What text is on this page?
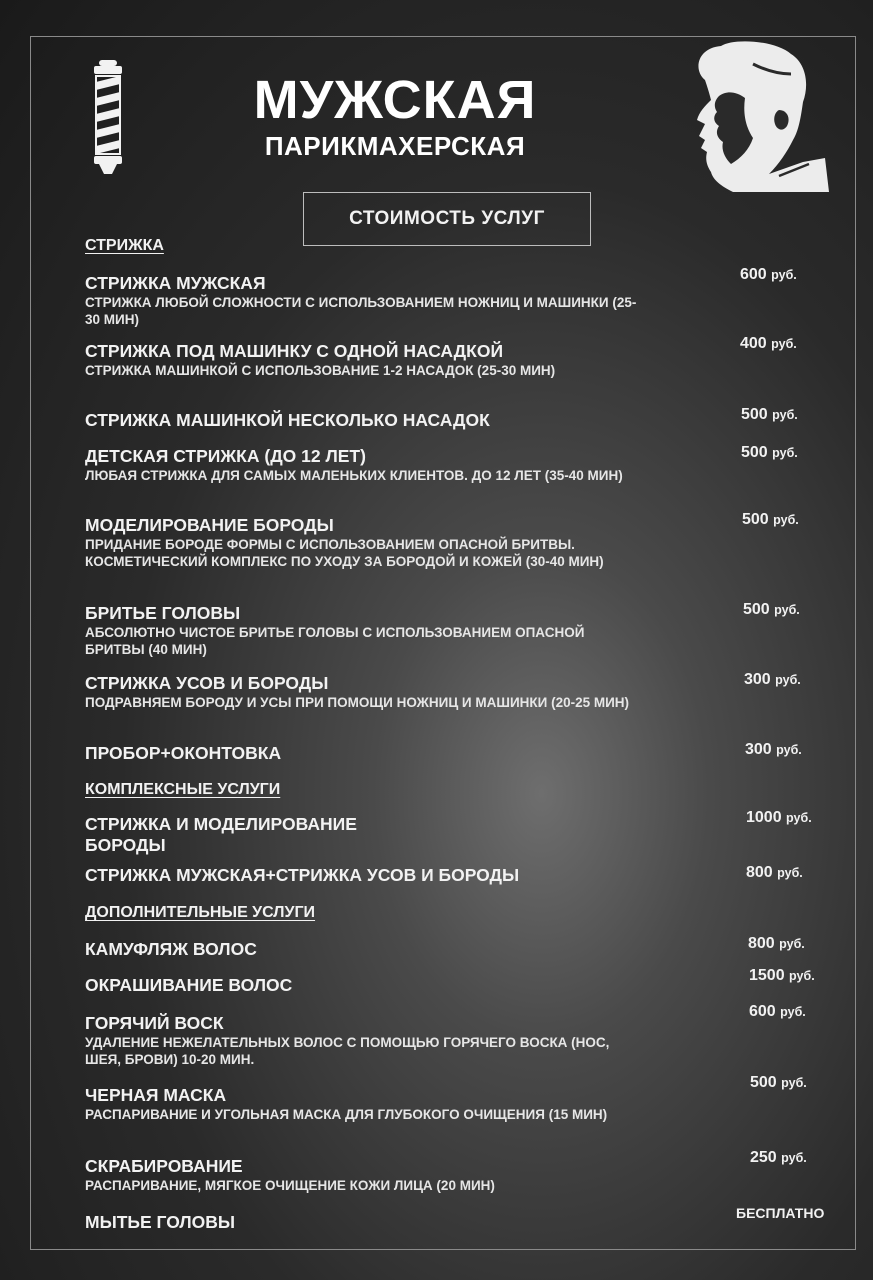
МУЖСКАЯ
ПАРИКМАХЕРСКАЯ
СТОИМОСТЬ УСЛУГ
СТРИЖКА
СТРИЖКА МУЖСКАЯ
СТРИЖКА ЛЮБОЙ СЛОЖНОСТИ С ИСПОЛЬЗОВАНИЕМ НОЖНИЦ И МАШИНКИ (25-30 МИН)
600 руб.
СТРИЖКА ПОД МАШИНКУ С ОДНОЙ НАСАДКОЙ
СТРИЖКА МАШИНКОЙ С ИСПОЛЬЗОВАНИЕ 1-2 НАСАДОК (25-30 МИН)
400 руб.
СТРИЖКА МАШИНКОЙ НЕСКОЛЬКО НАСАДОК	500 руб.
ДЕТСКАЯ СТРИЖКА (ДО 12 ЛЕТ)
ЛЮБАЯ СТРИЖКА ДЛЯ САМЫХ МАЛЕНЬКИХ КЛИЕНТОВ. ДО 12 ЛЕТ (35-40 МИН)
500 руб.
МОДЕЛИРОВАНИЕ БОРОДЫ
ПРИДАНИЕ БОРОДЕ ФОРМЫ С ИСПОЛЬЗОВАНИЕМ ОПАСНОЙ БРИТВЫ. КОСМЕТИЧЕСКИЙ КОМПЛЕКС ПО УХОДУ ЗА БОРОДОЙ И КОЖЕЙ (30-40 МИН)
500 руб.
БРИТЬЕ ГОЛОВЫ
АБСОЛЮТНО ЧИСТОЕ БРИТЬЕ ГОЛОВЫ С ИСПОЛЬЗОВАНИЕМ ОПАСНОЙ БРИТВЫ (40 МИН)
500 руб.
СТРИЖКА УСОВ И БОРОДЫ
ПОДРАВНЯЕМ БОРОДУ И УСЫ ПРИ ПОМОЩИ НОЖНИЦ И МАШИНКИ (20-25 МИН)
300 руб.
ПРОБОР+ОКОНТОВКА	300 руб.
КОМПЛЕКСНЫЕ УСЛУГИ
СТРИЖКА И МОДЕЛИРОВАНИЕ БОРОДЫ
1000 руб.
СТРИЖКА МУЖСКАЯ+СТРИЖКА УСОВ И БОРОДЫ	800 руб.
ДОПОЛНИТЕЛЬНЫЕ УСЛУГИ
КАМУФЛЯЖ ВОЛОС	800 руб.
ОКРАШИВАНИЕ ВОЛОС	1500 руб.
ГОРЯЧИЙ ВОСК
УДАЛЕНИЕ НЕЖЕЛАТЕЛЬНЫХ ВОЛОС С ПОМОЩЬЮ ГОРЯЧЕГО ВОСКА (НОС, ШЕЯ, БРОВИ) 10-20 МИН.
600 руб.
ЧЕРНАЯ МАСКА
РАСПАРИВАНИЕ И УГОЛЬНАЯ МАСКА ДЛЯ ГЛУБОКОГО ОЧИЩЕНИЯ (15 МИН)
500 руб.
СКРАБИРОВАНИЕ
РАСПАРИВАНИЕ, МЯГКОЕ ОЧИЩЕНИЕ КОЖИ ЛИЦА (20 МИН)
250 руб.
МЫТЬЕ ГОЛОВЫ	БЕСПЛАТНО
